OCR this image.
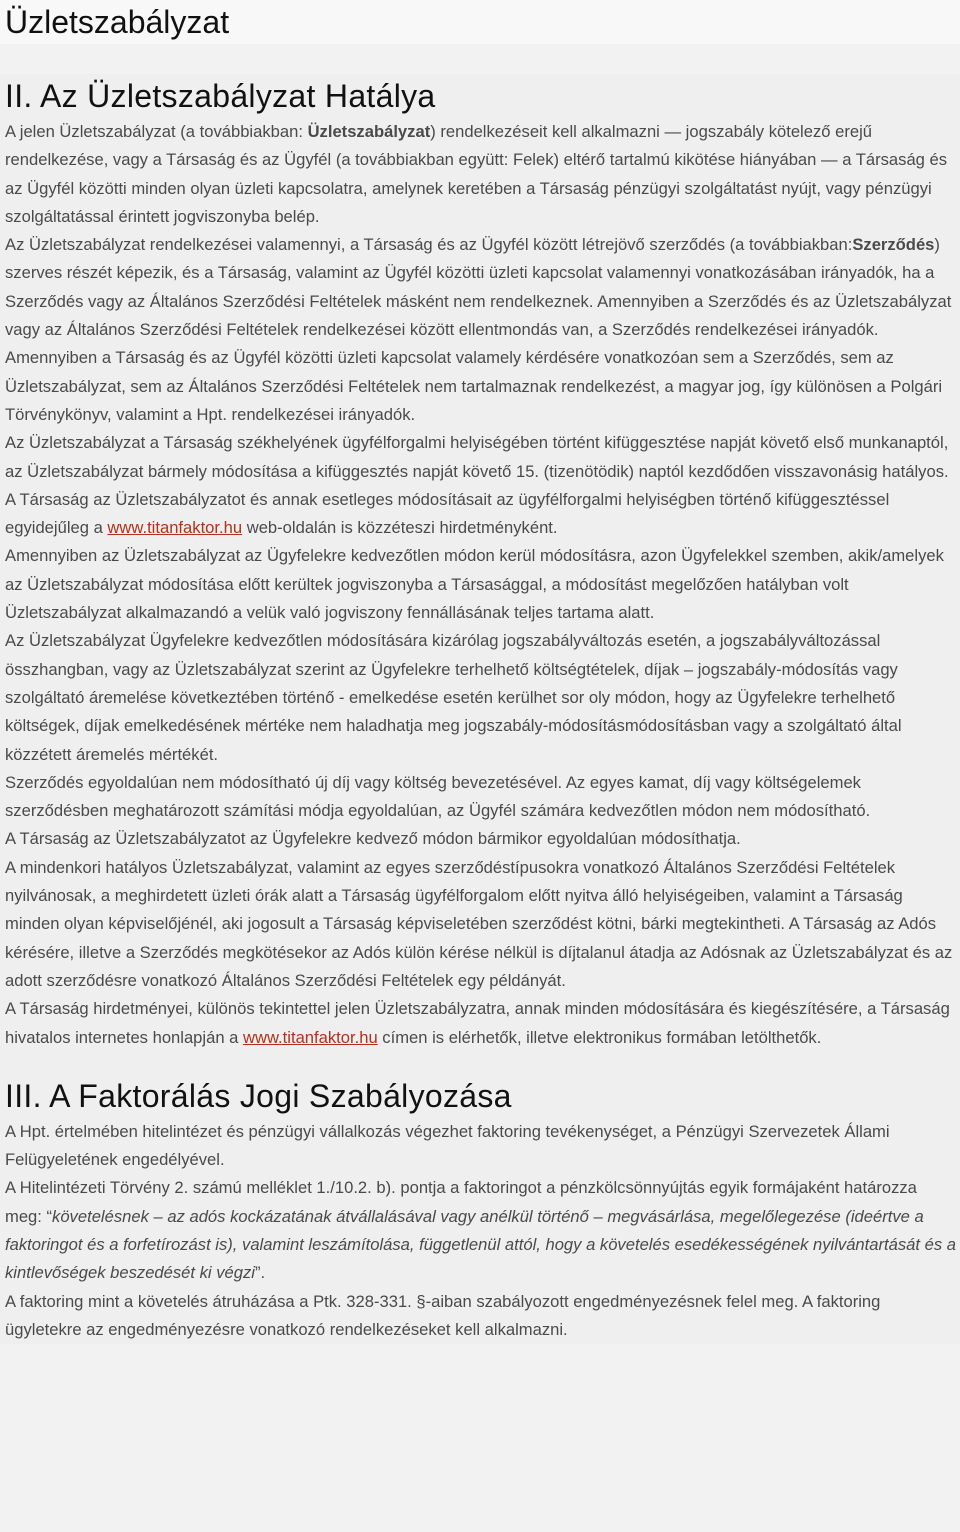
Üzletszabályzat
II. Az Üzletszabályzat Hatálya

A jelen Üzletszabályzat (a továbbiakban: Üzletszabályzat) rendelkezéseit kell alkalmazni — jogszabály kötelező erejű rendelkezése, vagy a Társaság és az Ügyfél (a továbbiakban együtt: Felek) eltérő tartalmú kikötése hiányában — a Társaság és az Ügyfél közötti minden olyan üzleti kapcsolatra, amelynek keretében a Társaság pénzügyi szolgáltatást nyújt, vagy pénzügyi szolgáltatással érintett jogviszonyba belép.

Az Üzletszabályzat rendelkezései valamennyi, a Társaság és az Ügyfél között létrejövő szerződés (a továbbiakban:Szerződés) szerves részét képezik, és a Társaság, valamint az Ügyfél közötti üzleti kapcsolat valamennyi vonatkozásában irányadók, ha a Szerződés vagy az Általános Szerződési Feltételek másként nem rendelkeznek. Amennyiben a Szerződés és az Üzletszabályzat vagy az Általános Szerződési Feltételek rendelkezései között ellentmondás van, a Szerződés rendelkezései irányadók.

Amennyiben a Társaság és az Ügyfél közötti üzleti kapcsolat valamely kérdésére vonatkozóan sem a Szerződés, sem az Üzletszabályzat, sem az Általános Szerződési Feltételek nem tartalmaznak rendelkezést, a magyar jog, így különösen a Polgári Törvénykönyv, valamint a Hpt. rendelkezései irányadók.

Az Üzletszabályzat a Társaság székhelyének ügyfélforgalmi helyiségében történt kifüggesztése napját követő első munkanaptól, az Üzletszabályzat bármely módosítása a kifüggesztés napját követő 15. (tizenötödik) naptól kezdődően visszavonásig hatályos. A Társaság az Üzletszabályzatot és annak esetleges módosításait az ügyfélforgalmi helyiségben történő kifüggesztéssel egyidejűleg a www.titanfaktor.hu web-oldalán is közzéteszi hirdetményként.

Amennyiben az Üzletszabályzat az Ügyfelekre kedvezőtlen módon kerül módosításra, azon Ügyfelekkel szemben, akik/amelyek az Üzletszabályzat módosítása előtt kerültek jogviszonyba a Társasággal, a módosítást megelőzően hatályban volt Üzletszabályzat alkalmazandó a velük való jogviszony fennállásának teljes tartama alatt.

Az Üzletszabályzat Ügyfelekre kedvezőtlen módosítására kizárólag jogszabályváltozás esetén, a jogszabályváltozással összhangban, vagy az Üzletszabályzat szerint az Ügyfelekre terhelhető költségtételek, díjak – jogszabály-módosítás vagy szolgáltató áremelése következtében történő - emelkedése esetén kerülhet sor oly módon, hogy az Ügyfelekre terhelhető költségek, díjak emelkedésének mértéke nem haladhatja meg jogszabály-módosításmódosításban vagy a szolgáltató által közzétett áremelés mértékét.

Szerződés egyoldalúan nem módosítható új díj vagy költség bevezetésével. Az egyes kamat, díj vagy költségelemek szerződésben meghatározott számítási módja egyoldalúan, az Ügyfél számára kedvezőtlen módon nem módosítható.

A Társaság az Üzletszabályzatot az Ügyfelekre kedvező módon bármikor egyoldalúan módosíthatja.

A mindenkori hatályos Üzletszabályzat, valamint az egyes szerződéstípusokra vonatkozó Általános Szerződési Feltételek nyilvánosak, a meghirdetett üzleti órák alatt a Társaság ügyfélforgalom előtt nyitva álló helyiségeiben, valamint a Társaság minden olyan képviselőjénél, aki jogosult a Társaság képviseletében szerződést kötni, bárki megtekintheti. A Társaság az Adós kérésére, illetve a Szerződés megkötésekor az Adós külön kérése nélkül is díjtalanul átadja az Adósnak az Üzletszabályzat és az adott szerződésre vonatkozó Általános Szerződési Feltételek egy példányát.

A Társaság hirdetményei, különös tekintettel jelen Üzletszabályzatra, annak minden módosítására és kiegészítésére, a Társaság hivatalos internetes honlapján a www.titanfaktor.hu címen is elérhetők, illetve elektronikus formában letölthetők.

III. A Faktorálás Jogi Szabályozása

A Hpt. értelmében hitelintézet és pénzügyi vállalkozás végezhet faktoring tevékenységet, a Pénzügyi Szervezetek Állami Felügyeletének engedélyével.

A Hitelintézeti Törvény 2. számú melléklet 1./10.2. b). pontja a faktoringot a pénzkölcsönnyújtás egyik formájaként határozza meg: “követelésnek – az adós kockázatának átvállalásával vagy anélkül történő – megvásárlása, megelőlegezése (ideértve a faktoringot és a forfetírozást is), valamint leszámítolása, függetlenül attól, hogy a követelés esedékességének nyilvántartását és a kintlevőségek beszedését ki végzi”.

A faktoring mint a követelés átruházása a Ptk. 328-331. §-aiban szabályozott engedményezésnek felel meg. A faktoring ügyletekre az engedményezésre vonatkozó rendelkezéseket kell alkalmazni.
